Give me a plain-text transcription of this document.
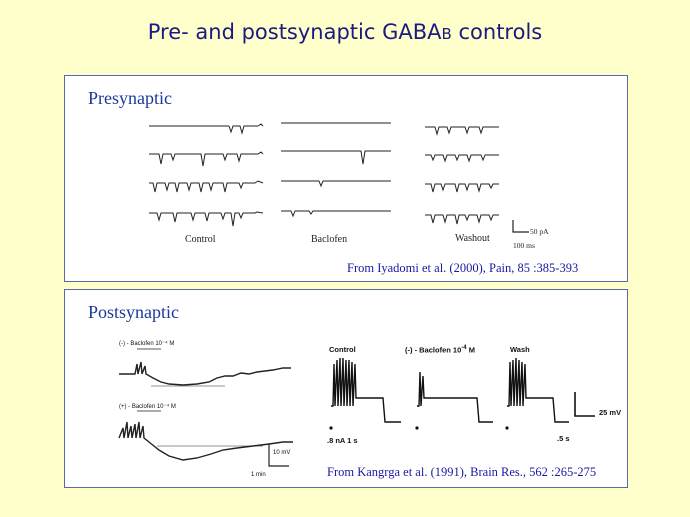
Pre- and postsynaptic GABAB controls
Presynaptic
Control	Baclofen	Washout
50 pA
100 ms
From Iyadomi et al. (2000), Pain, 85 :385-393
Postsynaptic
(-) - Baclofen 10⁻⁴ M
(+) - Baclofen 10⁻⁴ M
10 mV
1 min
Control	(-) - Baclofen $10^{-4}$ M	Wash
.8 nA 1 s
25 mV
.5 s
From Kangrga et al. (1991), Brain Res., 562 :265-275
